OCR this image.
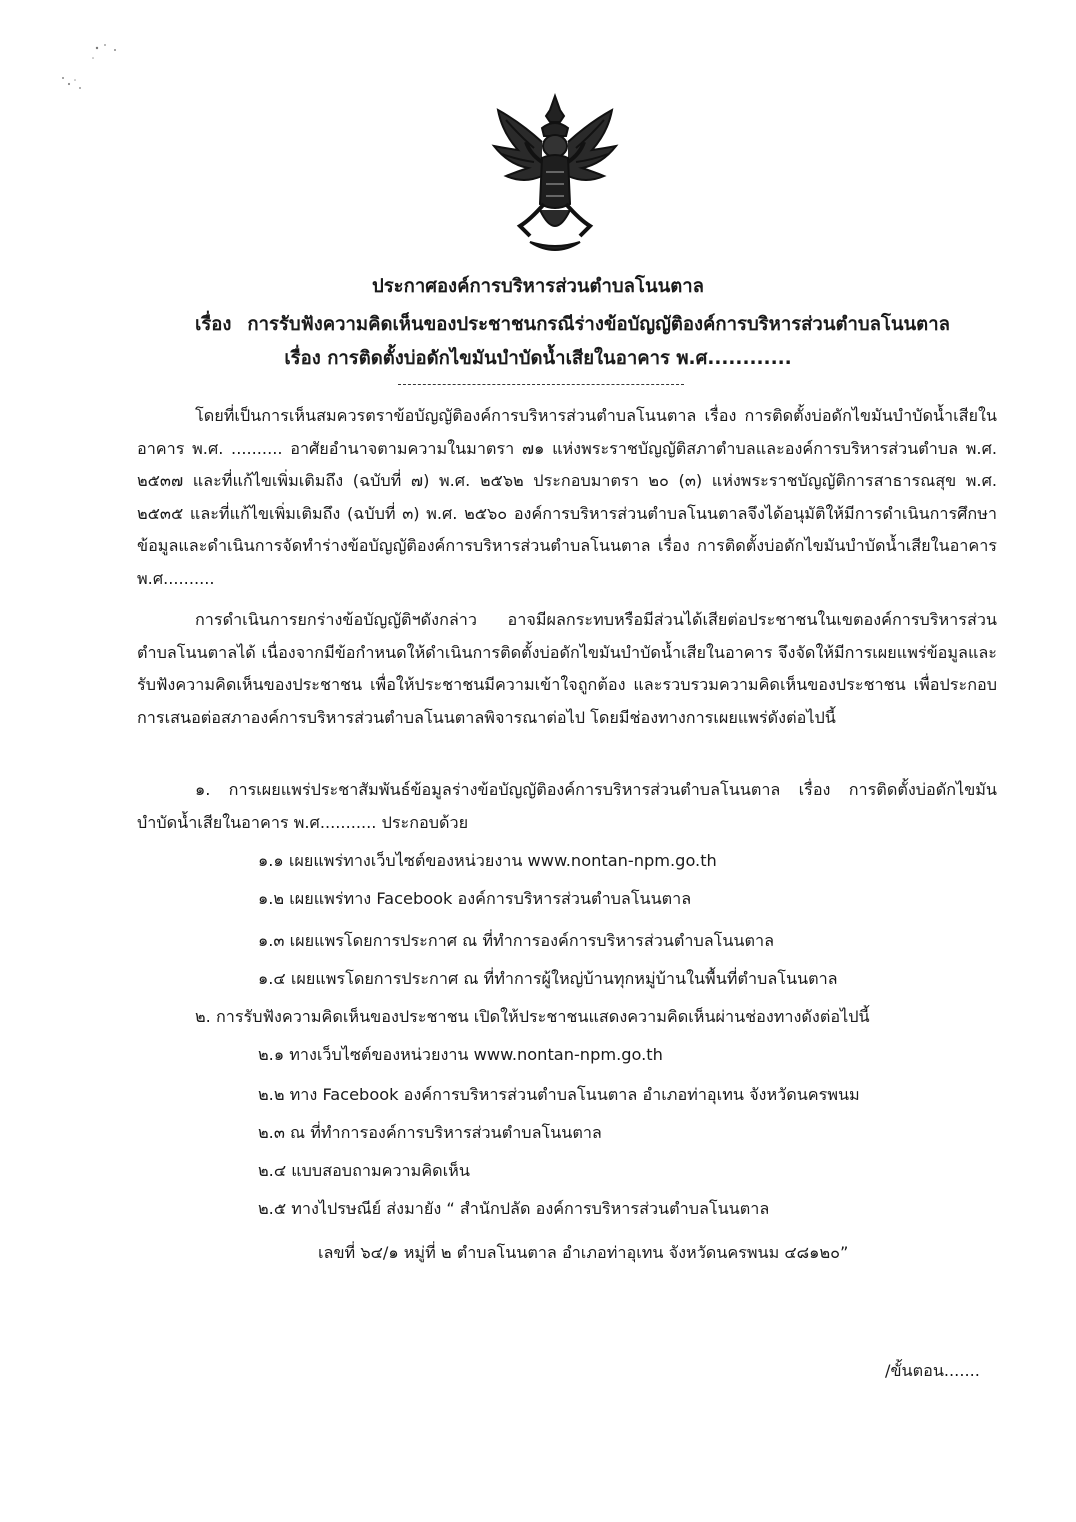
ประกาศองค์การบริหารส่วนตำบลโนนตาล
เรื่อง การรับฟังความคิดเห็นของประชาชนกรณีร่างข้อบัญญัติองค์การบริหารส่วนตำบลโนนตาล
เรื่อง การติดตั้งบ่อดักไขมันบำบัดน้ำเสียในอาคาร พ.ศ............

โดยที่เป็นการเห็นสมควรตราข้อบัญญัติองค์การบริหารส่วนตำบลโนนตาล เรื่อง การติดตั้งบ่อดักไขมันบำบัดน้ำเสียในอาคาร พ.ศ. .......... อาศัยอำนาจตามความในมาตรา ๗๑ แห่งพระราชบัญญัติสภาตำบลและองค์การบริหารส่วนตำบล พ.ศ. ๒๕๓๗ และที่แก้ไขเพิ่มเติมถึง (ฉบับที่ ๗) พ.ศ. ๒๕๖๒ ประกอบมาตรา ๒๐ (๓) แห่งพระราชบัญญัติการสาธารณสุข พ.ศ. ๒๕๓๕ และที่แก้ไขเพิ่มเติมถึง (ฉบับที่ ๓) พ.ศ. ๒๕๖๐ องค์การบริหารส่วนตำบลโนนตาลจึงได้อนุมัติให้มีการดำเนินการศึกษาข้อมูลและดำเนินการจัดทำร่างข้อบัญญัติองค์การบริหารส่วนตำบลโนนตาล เรื่อง การติดตั้งบ่อดักไขมันบำบัดน้ำเสียในอาคาร พ.ศ..........

การดำเนินการยกร่างข้อบัญญัติฯดังกล่าว อาจมีผลกระทบหรือมีส่วนได้เสียต่อประชาชนในเขตองค์การบริหารส่วนตำบลโนนตาลได้ เนื่องจากมีข้อกำหนดให้ดำเนินการติดตั้งบ่อดักไขมันบำบัดน้ำเสียในอาคาร จึงจัดให้มีการเผยแพร่ข้อมูลและรับฟังความคิดเห็นของประชาชน เพื่อให้ประชาชนมีความเข้าใจถูกต้อง และรวบรวมความคิดเห็นของประชาชน เพื่อประกอบการเสนอต่อสภาองค์การบริหารส่วนตำบลโนนตาลพิจารณาต่อไป โดยมีช่องทางการเผยแพร่ดังต่อไปนี้

๑. การเผยแพร่ประชาสัมพันธ์ข้อมูลร่างข้อบัญญัติองค์การบริหารส่วนตำบลโนนตาล เรื่อง การติดตั้งบ่อดักไขมันบำบัดน้ำเสียในอาคาร พ.ศ........... ประกอบด้วย

๑.๑ เผยแพร่ทางเว็บไซต์ของหน่วยงาน www.nontan-npm.go.th
๑.๒ เผยแพร่ทาง Facebook องค์การบริหารส่วนตำบลโนนตาล
๑.๓ เผยแพรโดยการประกาศ ณ ที่ทำการองค์การบริหารส่วนตำบลโนนตาล
๑.๔ เผยแพรโดยการประกาศ ณ ที่ทำการผู้ใหญ่บ้านทุกหมู่บ้านในพื้นที่ตำบลโนนตาล
๒. การรับฟังความคิดเห็นของประชาชน เปิดให้ประชาชนแสดงความคิดเห็นผ่านช่องทางดังต่อไปนี้
๒.๑ ทางเว็บไซต์ของหน่วยงาน www.nontan-npm.go.th
๒.๒ ทาง Facebook องค์การบริหารส่วนตำบลโนนตาล อำเภอท่าอุเทน จังหวัดนครพนม
๒.๓ ณ ที่ทำการองค์การบริหารส่วนตำบลโนนตาล
๒.๔ แบบสอบถามความคิดเห็น
๒.๕ ทางไปรษณีย์ ส่งมายัง “ สำนักปลัด องค์การบริหารส่วนตำบลโนนตาล
เลขที่ ๖๔/๑ หมู่ที่ ๒ ตำบลโนนตาล อำเภอท่าอุเทน จังหวัดนครพนม ๔๘๑๒๐”
/ขั้นตอน.......
